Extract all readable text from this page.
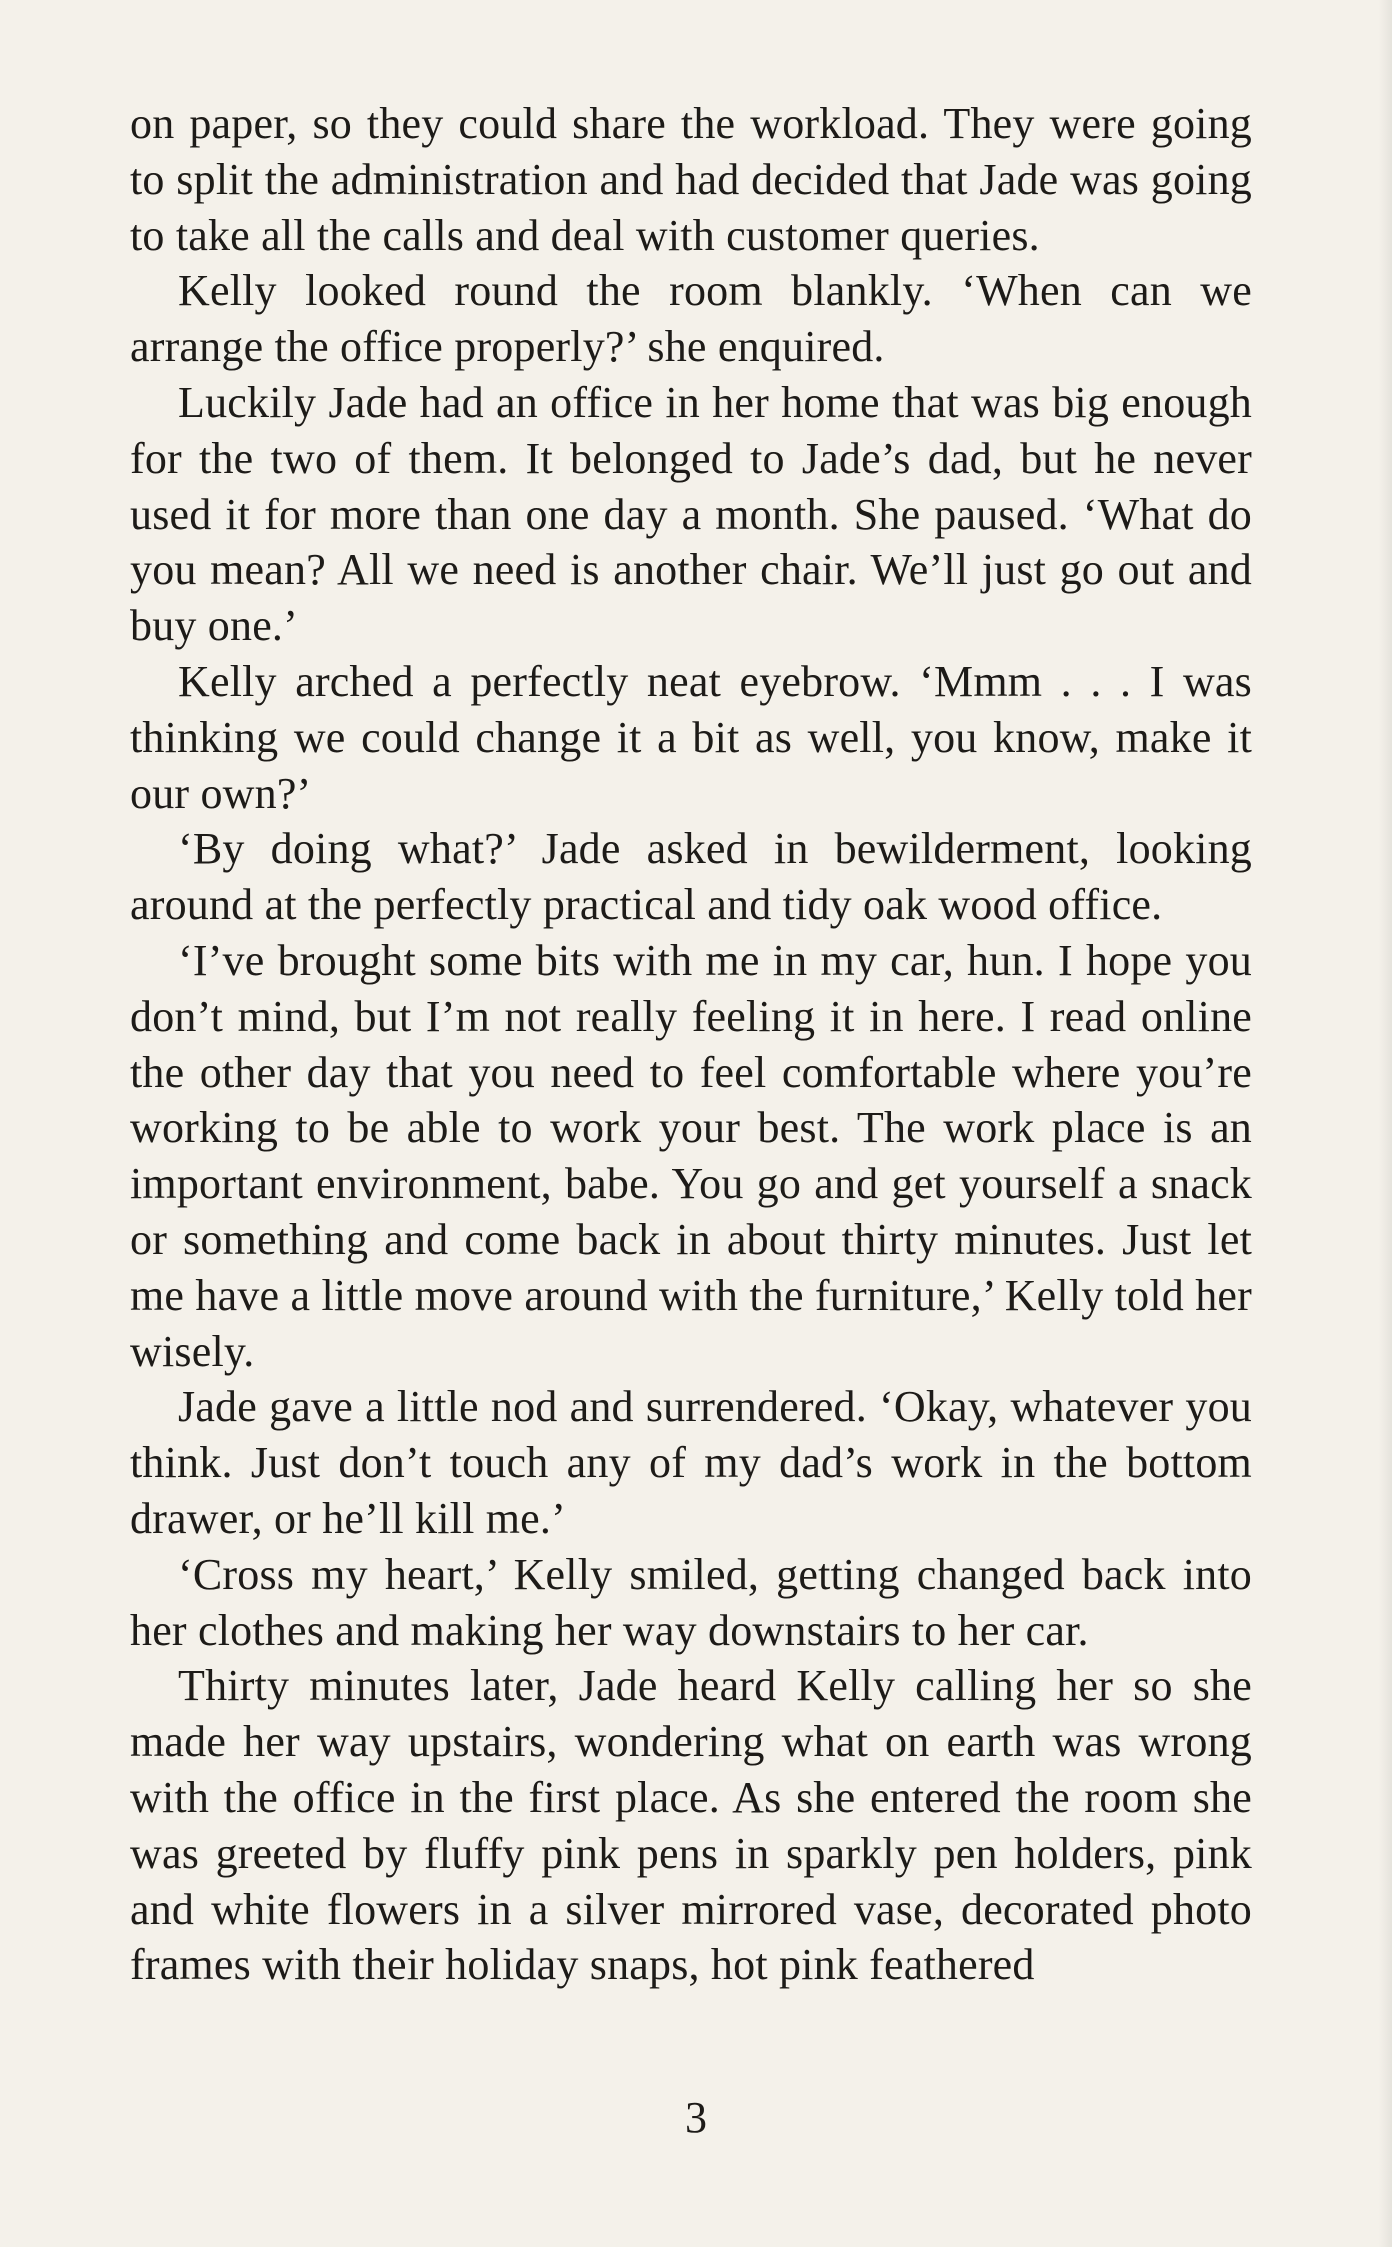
on paper, so they could share the workload. They were going to split the administration and had decided that Jade was going to take all the calls and deal with customer queries.

Kelly looked round the room blankly. ‘When can we arrange the office properly?’ she enquired.

Luckily Jade had an office in her home that was big enough for the two of them. It belonged to Jade’s dad, but he never used it for more than one day a month. She paused. ‘What do you mean? All we need is another chair. We’ll just go out and buy one.’

Kelly arched a perfectly neat eyebrow. ‘Mmm . . . I was thinking we could change it a bit as well, you know, make it our own?’

‘By doing what?’ Jade asked in bewilderment, looking around at the perfectly practical and tidy oak wood office.

‘I’ve brought some bits with me in my car, hun. I hope you don’t mind, but I’m not really feeling it in here. I read online the other day that you need to feel comfortable where you’re working to be able to work your best. The work place is an important environment, babe. You go and get yourself a snack or something and come back in about thirty minutes. Just let me have a little move around with the furniture,’ Kelly told her wisely.

Jade gave a little nod and surrendered. ‘Okay, whatever you think. Just don’t touch any of my dad’s work in the bottom drawer, or he’ll kill me.’

‘Cross my heart,’ Kelly smiled, getting changed back into her clothes and making her way downstairs to her car.

Thirty minutes later, Jade heard Kelly calling her so she made her way upstairs, wondering what on earth was wrong with the office in the first place. As she entered the room she was greeted by fluffy pink pens in sparkly pen holders, pink and white flowers in a silver mirrored vase, decorated photo frames with their holiday snaps, hot pink feathered

3
